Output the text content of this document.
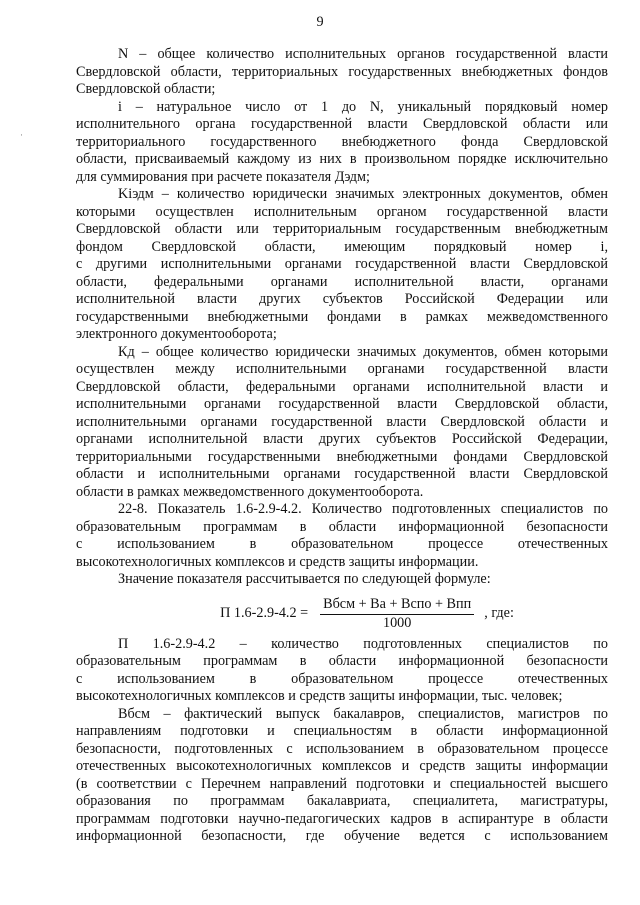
9
·

N – общее количество исполнительных органов государственной власти

Свердловской области, территориальных государственных внебюджетных фондов

Свердловской области;

i – натуральное число от 1 до N, уникальный порядковый номер

исполнительного органа государственной власти Свердловской области или

территориального государственного внебюджетного фонда Свердловской

области, присваиваемый каждому из них в произвольном порядке исключительно

для суммирования при расчете показателя Дэдм;

Kiэдм – количество юридически значимых электронных документов, обмен

которыми осуществлен исполнительным органом государственной власти

Свердловской области или территориальным государственным внебюджетным

фондом Свердловской области, имеющим порядковый номер i,

с другими исполнительными органами государственной власти Свердловской

области, федеральными органами исполнительной власти, органами

исполнительной власти других субъектов Российской Федерации или

государственными внебюджетными фондами в рамках межведомственного

электронного документооборота;

Кд – общее количество юридически значимых документов, обмен которыми

осуществлен между исполнительными органами государственной власти

Свердловской области, федеральными органами исполнительной власти и

исполнительными органами государственной власти Свердловской области,

исполнительными органами государственной власти Свердловской области и

органами исполнительной власти других субъектов Российской Федерации,

территориальными государственными внебюджетными фондами Свердловской

области и исполнительными органами государственной власти Свердловской

области в рамках межведомственного документооборота.

22-8. Показатель 1.6-2.9-4.2. Количество подготовленных специалистов по

образовательным программам в области информационной безопасности

с использованием в образовательном процессе отечественных

высокотехнологичных комплексов и средств защиты информации.

Значение показателя рассчитывается по следующей формуле:

П $1.6-2.9-4.2 = \frac{\text{Вбсм + Ва + Вспо + Впп}}{1000}$ , где:

П 1.6-2.9-4.2 – количество подготовленных специалистов по

образовательным программам в области информационной безопасности

с использованием в образовательном процессе отечественных

высокотехнологичных комплексов и средств защиты информации, тыс. человек;

Вбсм – фактический выпуск бакалавров, специалистов, магистров по

направлениям подготовки и специальностям в области информационной

безопасности, подготовленных с использованием в образовательном процессе

отечественных высокотехнологичных комплексов и средств защиты информации

(в соответствии с Перечнем направлений подготовки и специальностей высшего

образования по программам бакалавриата, специалитета, магистратуры,

программам подготовки научно-педагогических кадров в аспирантуре в области

информационной безопасности, где обучение ведется с использованием
